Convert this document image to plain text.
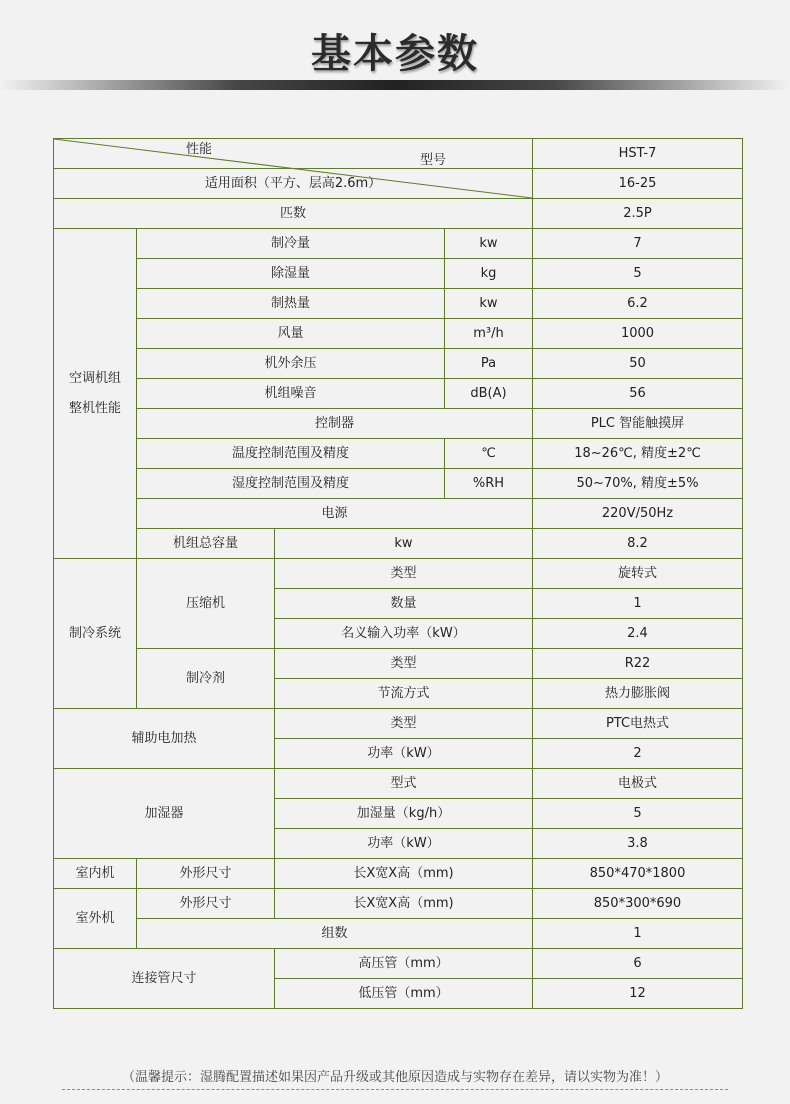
基本参数
型号
性能				HST-7
适用面积（平方、层高2.6m）				16-25
匹数				2.5P

空调机组
整机性能	制冷量		kw	7
	除湿量		kg	5
	制热量		kw	6.2
	风量		m³/h	1000
	机外余压		Pa	50
	机组噪音		dB(A)	56
	控制器			PLC 智能触摸屏
	温度控制范围及精度		℃	18~26℃, 精度±2℃
	湿度控制范围及精度		%RH	50~70%, 精度±5%
	电源			220V/50Hz
	机组总容量	kw		8.2
制冷系统	压缩机	类型		旋转式
		数量		1
		名义输入功率（kW）		2.4
	制冷剂	类型		R22
		节流方式		热力膨胀阀
辅助电加热		类型		PTC电热式
		功率（kW）		2
加湿器		型式		电极式
		加湿量（kg/h）		5
		功率（kW）		3.8
室内机	外形尺寸	长X宽X高（mm)		850*470*1800
室外机	外形尺寸	长X宽X高（mm)		850*300*690
	组数			1
连接管尺寸		高压管（mm）		6
		低压管（mm）		12
（温馨提示：湿腾配置描述如果因产品升级或其他原因造成与实物存在差异，请以实物为准！）
